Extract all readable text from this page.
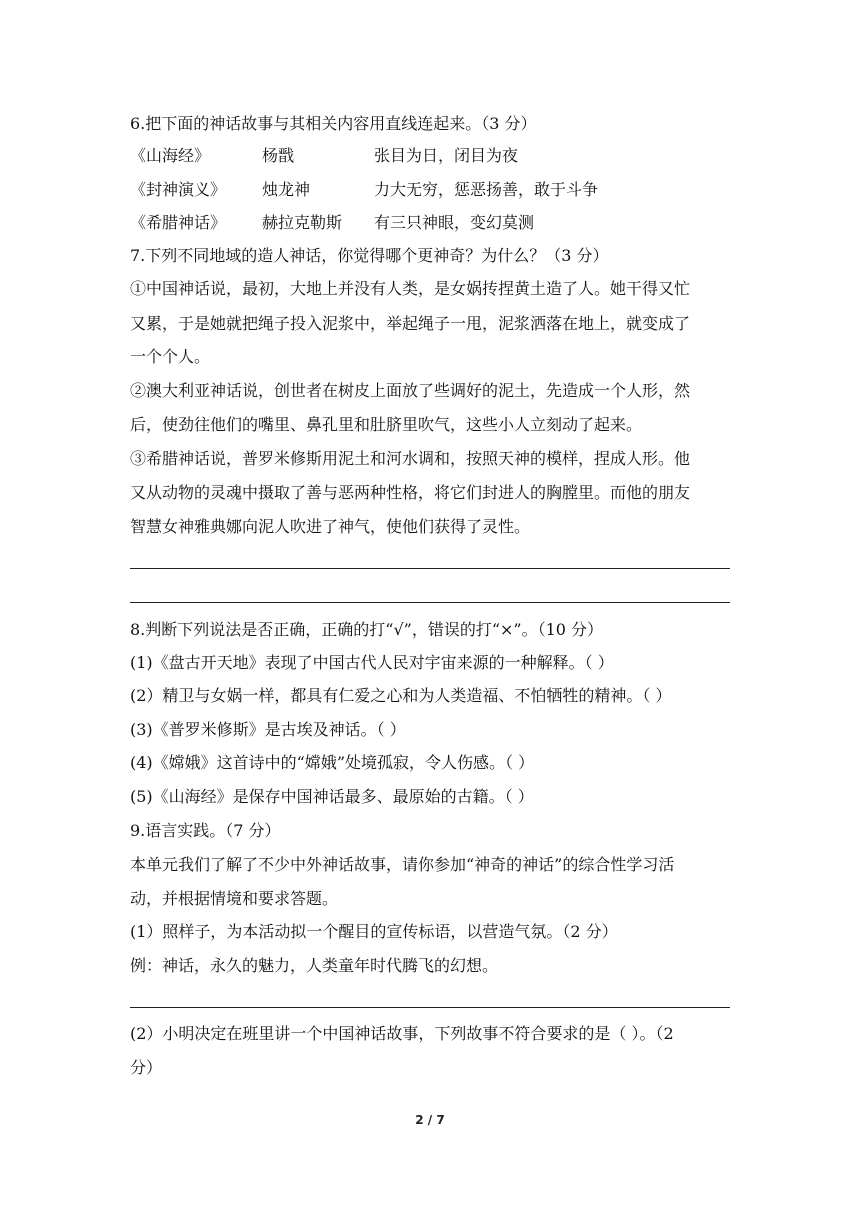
6.把下面的神话故事与其相关内容用直线连起来。（3 分）
《山海经》	杨戬	张目为日，闭目为夜
《封神演义》 烛龙神	力大无穷，惩恶扬善，敢于斗争
《希腊神话》 赫拉克勒斯 有三只神眼，变幻莫测
7.下列不同地域的造人神话，你觉得哪个更神奇？为什么？（3 分）
①中国神话说，最初，大地上并没有人类，是女娲抟捏黄土造了人。她干得又忙
又累，于是她就把绳子投入泥浆中，举起绳子一甩，泥浆洒落在地上，就变成了
一个个人。
②澳大利亚神话说，创世者在树皮上面放了些调好的泥土，先造成一个人形，然
后，使劲往他们的嘴里、鼻孔里和肚脐里吹气，这些小人立刻动了起来。
③希腊神话说，普罗米修斯用泥土和河水调和，按照天神的模样，捏成人形。他
又从动物的灵魂中摄取了善与恶两种性格，将它们封进人的胸膛里。而他的朋友
智慧女神雅典娜向泥人吹进了神气，使他们获得了灵性。
8.判断下列说法是否正确，正确的打“√”，错误的打“×”。（10 分）
(1)《盘古开天地》表现了中国古代人民对宇宙来源的一种解释。（ ）
(2）精卫与女娲一样，都具有仁爱之心和为人类造福、不怕牺牲的精神。（ ）
(3)《普罗米修斯》是古埃及神话。（ ）
(4)《嫦娥》这首诗中的“嫦娥”处境孤寂，令人伤感。（ ）
(5)《山海经》是保存中国神话最多、最原始的古籍。（ ）
9.语言实践。（7 分）
本单元我们了解了不少中外神话故事，请你参加“神奇的神话”的综合性学习活
动，并根据情境和要求答题。
(1）照样子，为本活动拟一个醒目的宣传标语，以营造气氛。（2 分）
例：神话，永久的魅力，人类童年时代腾飞的幻想。
(2）小明决定在班里讲一个中国神话故事，下列故事不符合要求的是（ ）。（2
分）
2 / 7
